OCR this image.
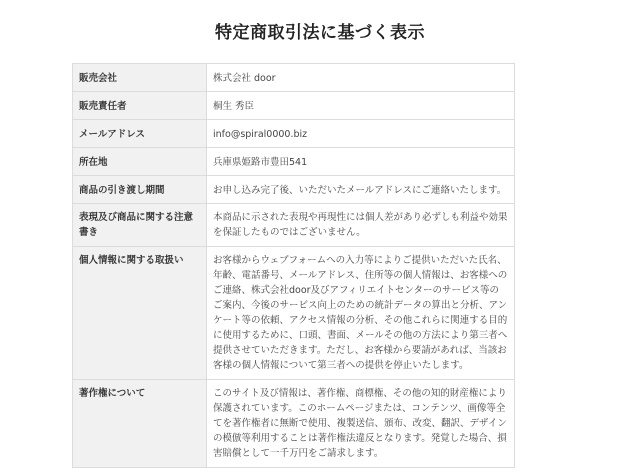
特定商取引法に基づく表示
販売会社	株式会社 door
販売責任者	桐生 秀臣
メールアドレス	info@spiral0000.biz
所在地	兵庫県姫路市豊田541
商品の引き渡し期間	お申し込み完了後、いただいたメールアドレスにご連絡いたします。
表現及び商品に関する注意書き	本商品に示された表現や再現性には個人差があり必ずしも利益や効果を保証したものではございません。
個人情報に関する取扱い	お客様からウェブフォームへの入力等によりご提供いただいた氏名、年齢、電話番号、メールアドレス、住所等の個人情報は、お客様へのご連絡、株式会社door及びアフィリエイトセンターのサービス等のご案内、今後のサービス向上のための統計データの算出と分析、アンケート等の依頼、アクセス情報の分析、その他これらに関連する目的に使用するために、口頭、書面、メールその他の方法により第三者へ提供させていただきます。ただし、お客様から要請があれば、当該お客様の個人情報について第三者への提供を停止いたします。
著作権について	このサイト及び情報は、著作権、商標権、その他の知的財産権により保護されています。このホームページまたは、コンテンツ、画像等全てを著作権者に無断で使用、複製送信、頒布、改変、翻訳、デザインの模倣等利用することは著作権法違反となります。発覚した場合、損害賠償として一千万円をご請求します。
